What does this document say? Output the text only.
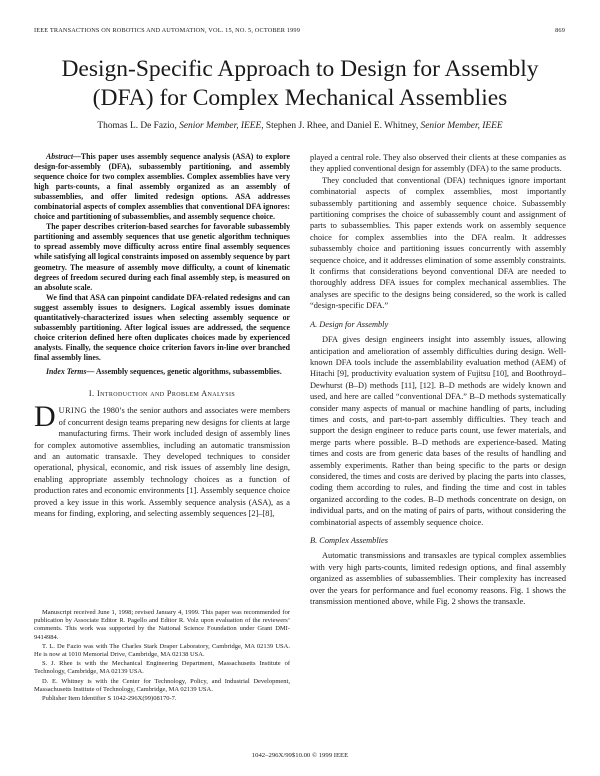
IEEE TRANSACTIONS ON ROBOTICS AND AUTOMATION, VOL. 15, NO. 5, OCTOBER 1999	869
Design-Specific Approach to Design for Assembly
(DFA) for Complex Mechanical Assemblies
Thomas L. De Fazio, Senior Member, IEEE, Stephen J. Rhee, and Daniel E. Whitney, Senior Member, IEEE

Abstract—This paper uses assembly sequence analysis (ASA) to explore design-for-assembly (DFA), subassembly partitioning, and assembly sequence choice for two complex assemblies. Complex assemblies have very high parts-counts, a final assembly organized as an assembly of subassemblies, and offer limited redesign options. ASA addresses combinatorial aspects of complex assemblies that conventional DFA ignores: choice and partitioning of subassemblies, and assembly sequence choice.

The paper describes criterion-based searches for favorable subassembly partitioning and assembly sequences that use genetic algorithm techniques to spread assembly move difficulty across entire final assembly sequences while satisfying all logical constraints imposed on assembly sequence by part geometry. The measure of assembly move difficulty, a count of kinematic degrees of freedom secured during each final assembly step, is measured on an absolute scale.

We find that ASA can pinpoint candidate DFA-related redesigns and can suggest assembly issues to designers. Logical assembly issues dominate quantitatively-characterized issues when selecting assembly sequence or subassembly partitioning. After logical issues are addressed, the sequence choice criterion defined here often duplicates choices made by experienced analysts. Finally, the sequence choice criterion favors in-line over branched final assembly lines.

Index Terms— Assembly sequences, genetic algorithms, subassemblies.

I. Introduction and Problem Analysis

DURING the 1980’s the senior authors and associates were members of concurrent design teams preparing new designs for clients at large manufacturing firms. Their work included design of assembly lines for complex automotive assemblies, including an automatic transmission and an automatic transaxle. They developed techniques to consider operational, physical, economic, and risk issues of assembly line design, enabling appropriate assembly technology choices as a function of production rates and economic environments [1]. Assembly sequence choice proved a key issue in this work. Assembly sequence analysis (ASA), as a means for finding, exploring, and selecting assembly sequences [2]–[8],

Manuscript received June 1, 1998; revised January 4, 1999. This paper was recommended for publication by Associate Editor R. Pagello and Editor R. Volz upon evaluation of the reviewers’ comments. This work was supported by the National Science Foundation under Grant DMI- 9414984.

T. L. De Fazio was with The Charles Stark Draper Laboratory, Cambridge, MA 02139 USA. He is now at 1010 Memorial Drive, Cambridge, MA 02138 USA.

S. J. Rhee is with the Mechanical Engineering Department, Massachusetts Institute of Technology, Cambridge, MA 02139 USA.

D. E. Whitney is with the Center for Technology, Policy, and Industrial Development, Massachusetts Institute of Technology, Cambridge, MA 02139 USA.

Publisher Item Identifier S 1042-296X(99)08170-7.

played a central role. They also observed their clients at these companies as they applied conventional design for assembly (DFA) to the same products.

They concluded that conventional (DFA) techniques ignore important combinatorial aspects of complex assemblies, most importantly subassembly partitioning and assembly sequence choice. Subassembly partitioning comprises the choice of subassembly count and assignment of parts to subassemblies. This paper extends work on assembly sequence choice for complex assemblies into the DFA realm. It addresses subassembly choice and partitioning issues concurrently with assembly sequence choice, and it addresses elimination of some assembly constraints. It confirms that considerations beyond conventional DFA are needed to thoroughly address DFA issues for complex mechanical assemblies. The analyses are specific to the designs being considered, so the work is called “design-specific DFA.”

A. Design for Assembly

DFA gives design engineers insight into assembly issues, allowing anticipation and amelioration of assembly difficulties during design. Well-known DFA tools include the assemblability evaluation method (AEM) of Hitachi [9], productivity evaluation system of Fujitsu [10], and Boothroyd–Dewhurst (B–D) methods [11], [12]. B–D methods are widely known and used, and here are called “conventional DFA.” B–D methods systematically consider many aspects of manual or machine handling of parts, including times and costs, and part-to-part assembly difficulties. They teach and support the design engineer to reduce parts count, use fewer materials, and merge parts where possible. B–D methods are experience-based. Mating times and costs are from generic data bases of the results of handling and assembly experiments. Rather than being specific to the parts or design considered, the times and costs are derived by placing the parts into classes, coding them according to rules, and finding the time and cost in tables organized according to the codes. B–D methods concentrate on design, on individual parts, and on the mating of pairs of parts, without considering the combinatorial aspects of assembly sequence choice.

B. Complex Assemblies

Automatic transmissions and transaxles are typical complex assemblies with very high parts-counts, limited redesign options, and final assembly organized as assemblies of subassemblies. Their complexity has increased over the years for performance and fuel economy reasons. Fig. 1 shows the transmission mentioned above, while Fig. 2 shows the transaxle.

1042–296X/99$10.00 © 1999 IEEE
